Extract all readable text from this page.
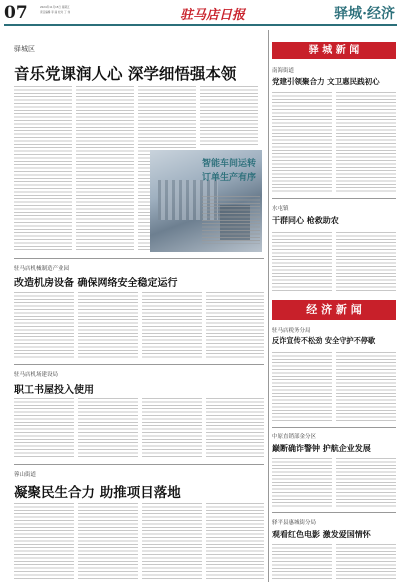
07	2024年11月15日 星期五
责任编辑 李 丽 校对 丁 伟	驻马店日报	驿城·经济
驿城区
音乐党课润人心 深学细悟强本领
智能车间运转
订单生产有序
驿 城 新 闻
南海街道
党建引领聚合力 文卫惠民践初心
水屯镇
干群同心 枪救助农
驻马店机械制造产业园
改造机房设备 确保网络安全稳定运行
驻马店机场建设局
职工书屋投入使用
经 济 新 闻
驻马店税务分局
反诈宣传不松劲 安全守护不停歇
中原直销部金分区
巅断确诈警钟 护航企业发展
驿平县惠城街分局
观看红色电影 激发爱国情怀
蓉山街道
凝聚民生合力 助推项目落地
